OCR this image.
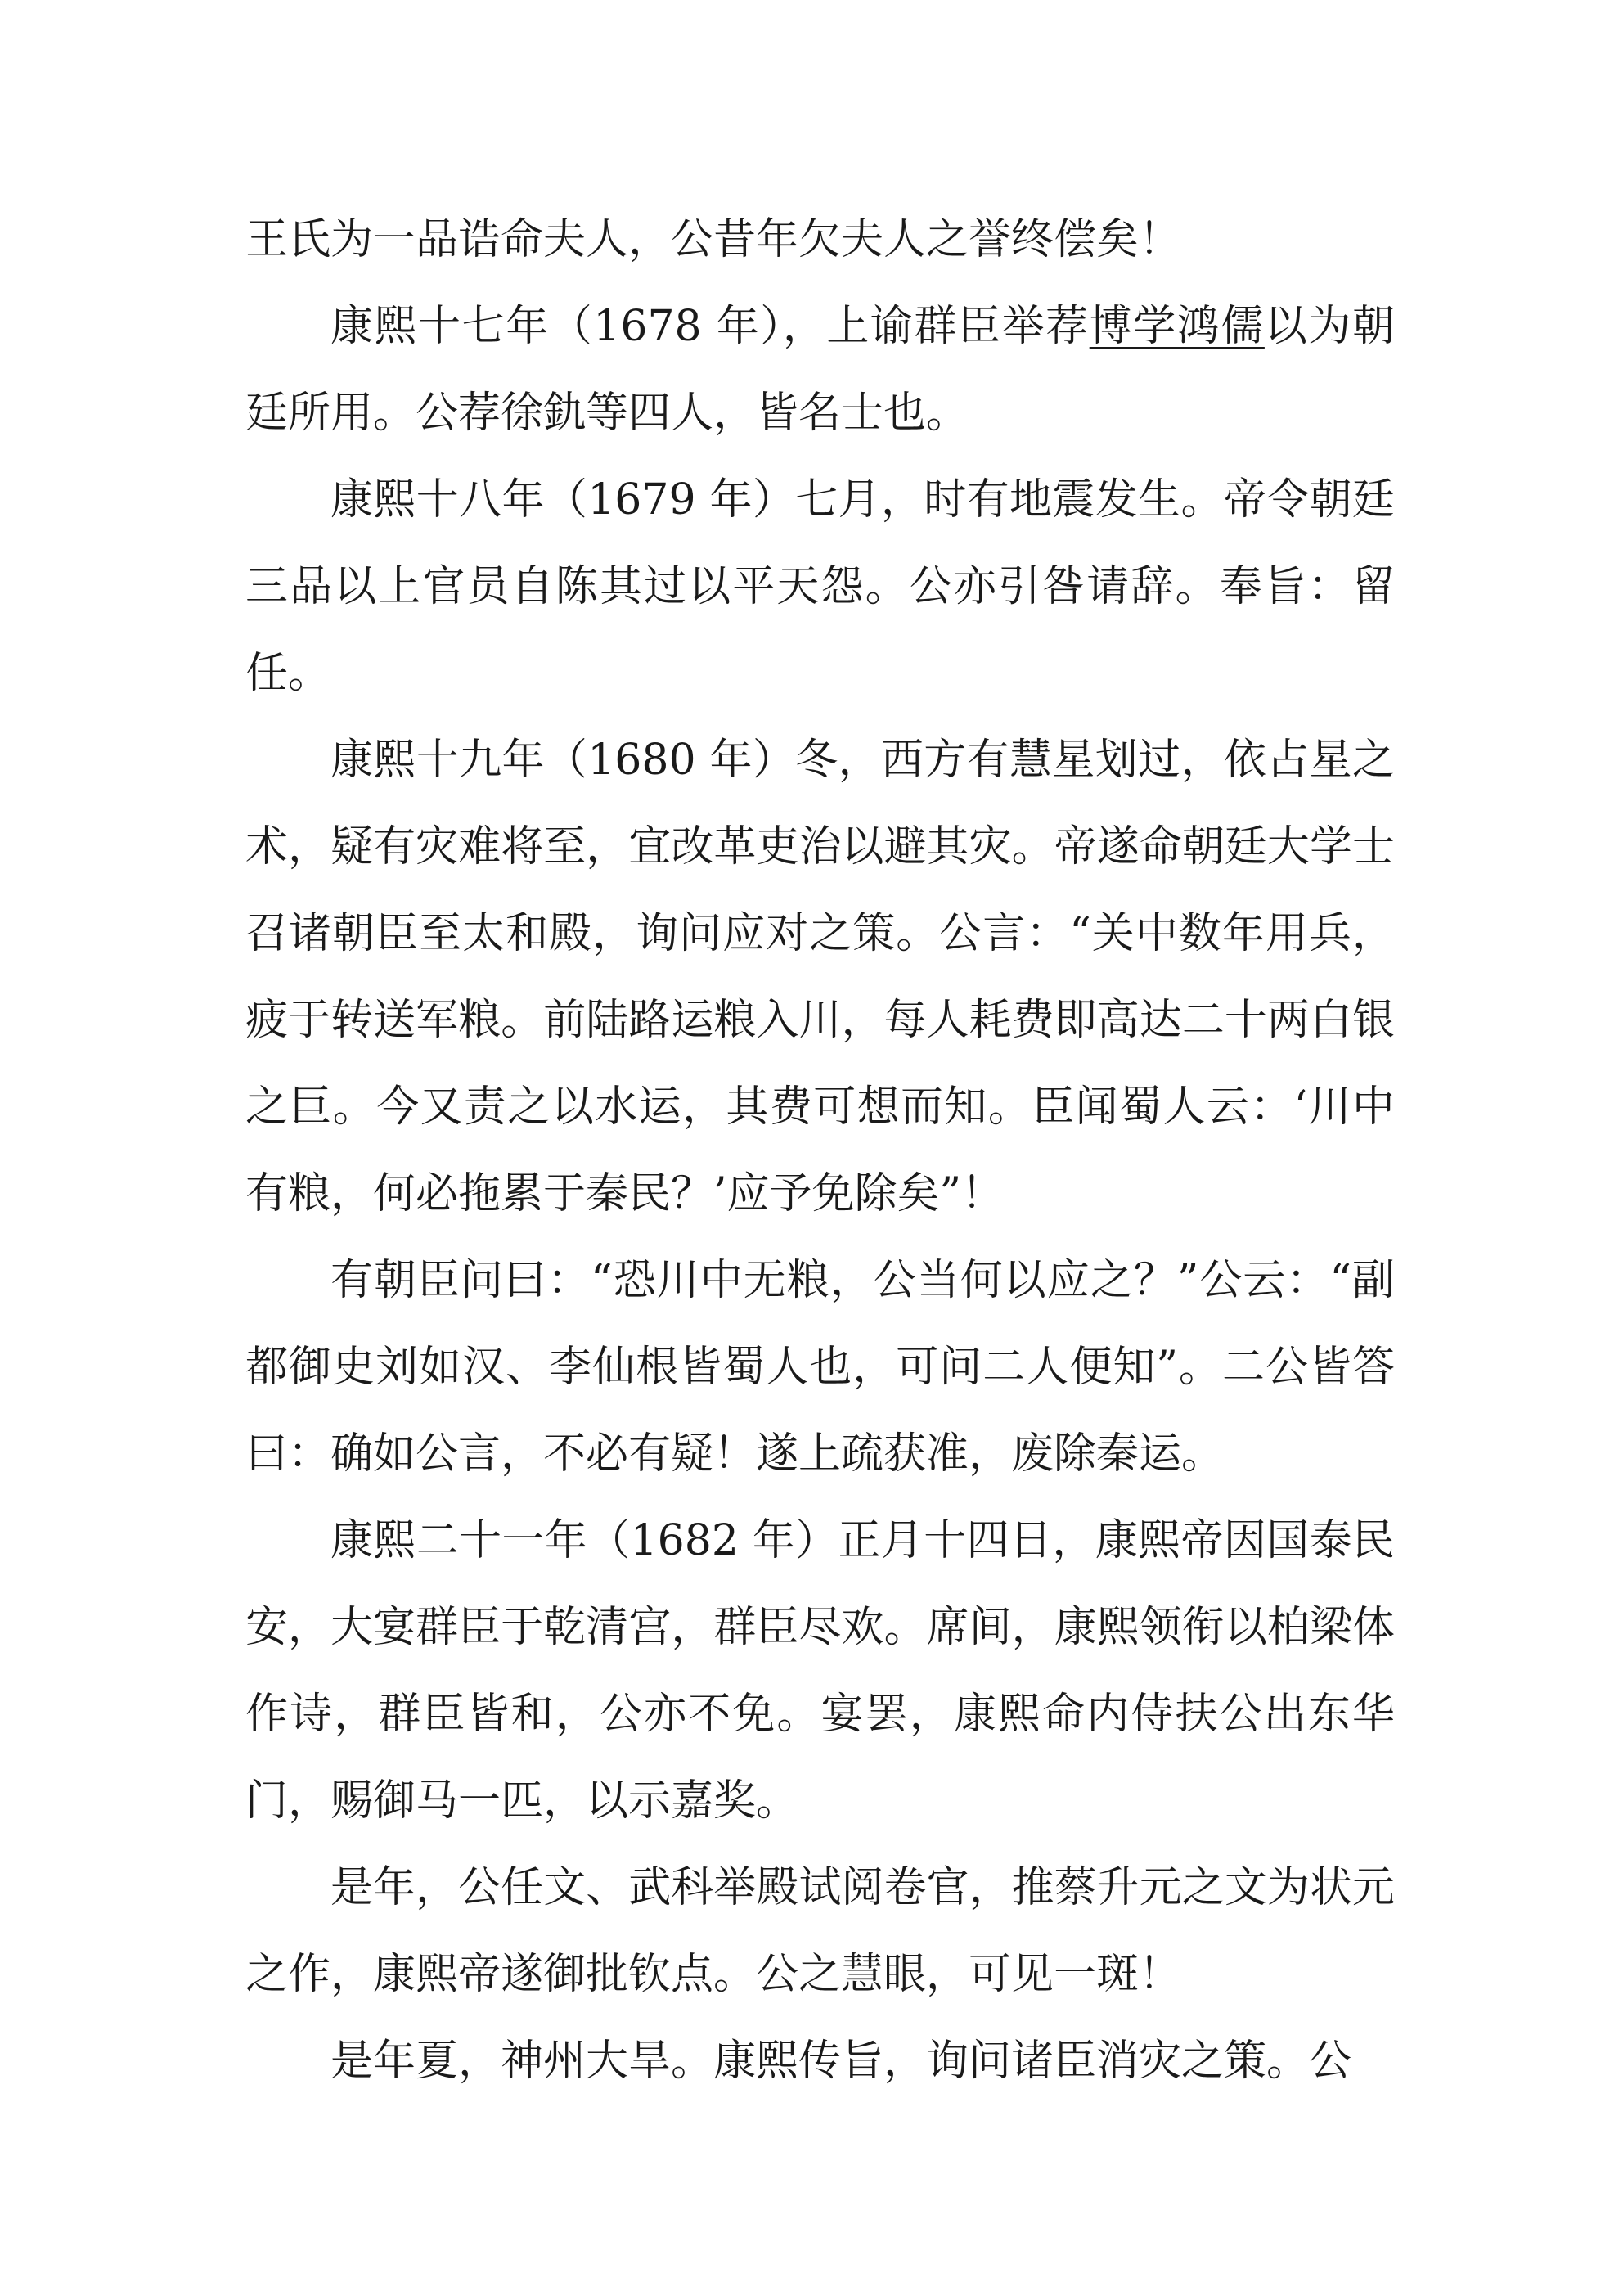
王氏为一品诰命夫人，公昔年欠夫人之誉终偿矣！

康熙十七年（1678 年），上谕群臣举荐博学鸿儒以为朝廷所用。公荐徐釚等四人，皆名士也。

康熙十八年（1679 年）七月，时有地震发生。帝令朝廷三品以上官员自陈其过以平天怨。公亦引咎请辞。奉旨：留任。

康熙十九年（1680 年）冬，西方有慧星划过，依占星之术，疑有灾难将至，宜改革吏治以避其灾。帝遂命朝廷大学士召诸朝臣至太和殿，询问应对之策。公言：“关中数年用兵，疲于转送军粮。前陆路运粮入川，每人耗费即高达二十两白银之巨。今又责之以水运，其费可想而知。臣闻蜀人云：‘川中有粮，何必拖累于秦民？’应予免除矣”！

有朝臣问曰：“恐川中无粮，公当何以应之？”公云：“副都御史刘如汉、李仙根皆蜀人也，可问二人便知”。二公皆答曰：确如公言，不必有疑！遂上疏获准，废除秦运。

康熙二十一年（1682 年）正月十四日，康熙帝因国泰民安，大宴群臣于乾清宫，群臣尽欢。席间，康熙领衔以柏梁体作诗，群臣皆和，公亦不免。宴罢，康熙命内侍扶公出东华门，赐御马一匹，以示嘉奖。

是年，公任文、武科举殿试阅卷官，推蔡升元之文为状元之作，康熙帝遂御批钦点。公之慧眼，可见一斑！

是年夏，神州大旱。康熙传旨，询问诸臣消灾之策。公
